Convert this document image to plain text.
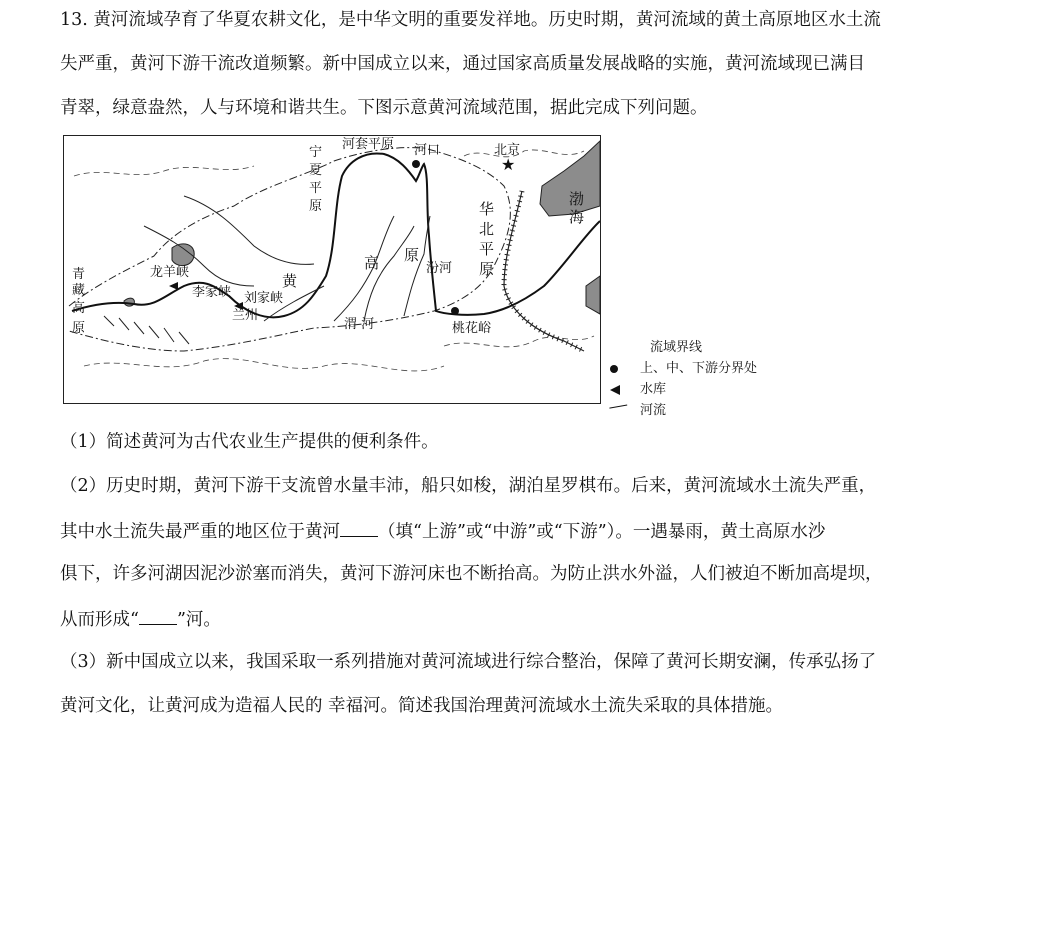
13. 黄河流域孕育了华夏农耕文化，是中华文明的重要发祥地。历史时期，黄河流域的黄土高原地区水土流
失严重，黄河下游干流改道频繁。新中国成立以来，通过国家高质量发展战略的实施，黄河流域现已满目
青翠，绿意盎然，人与环境和谐共生。下图示意黄河流域范围，据此完成下列问题。
★
青
藏
高
原
龙羊峡
李家峡 刘家峡
兰州
宁
夏
平
原
河套平原 河口	北京
渤
海
华
北
平
原
黄
高 原
渭 河
汾河
桃花峪
流域界线
上、中、下游分界处
水库
河流
（1）简述黄河为古代农业生产提供的便利条件。
（2）历史时期，黄河下游干支流曾水量丰沛，船只如梭，湖泊星罗棋布。后来，黄河流域水土流失严重，
其中水土流失最严重的地区位于黄河 （填“上游”或“中游”或“下游”）。一遇暴雨，黄土高原水沙
俱下，许多河湖因泥沙淤塞而消失，黄河下游河床也不断抬高。为防止洪水外溢，人们被迫不断加高堤坝，
从而形成“ ”河。
（3）新中国成立以来，我国采取一系列措施对黄河流域进行综合整治，保障了黄河长期安澜，传承弘扬了
黄河文化，让黄河成为造福人民的 幸福河。简述我国治理黄河流域水土流失采取的具体措施。
